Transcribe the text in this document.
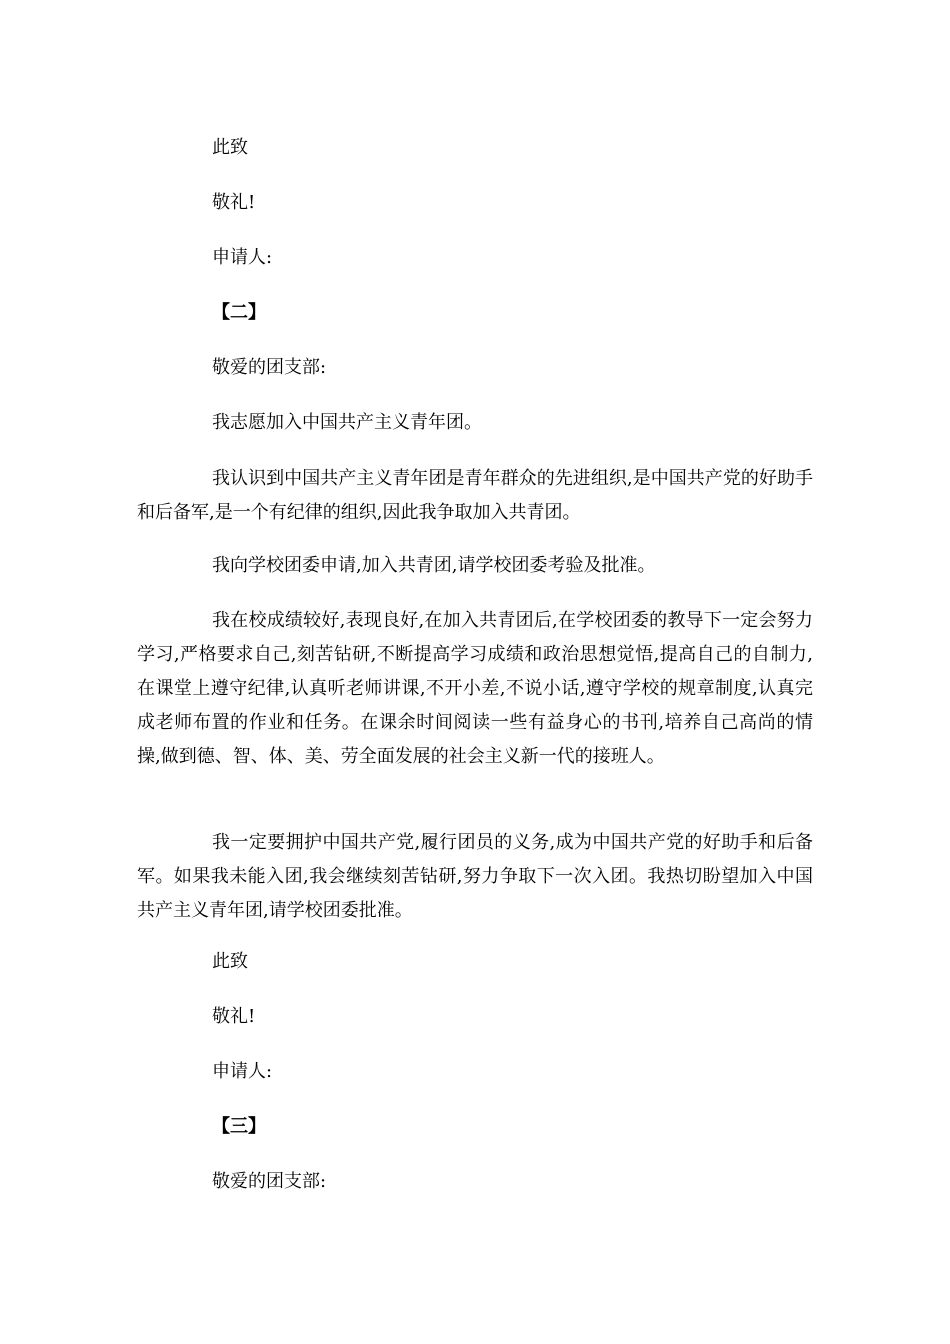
此致
敬礼!
申请人:
【二】
敬爱的团支部:
我志愿加入中国共产主义青年团。
我认识到中国共产主义青年团是青年群众的先进组织,是中国共产党的好助手和后备军,是一个有纪律的组织,因此我争取加入共青团。
我向学校团委申请,加入共青团,请学校团委考验及批准。
我在校成绩较好,表现良好,在加入共青团后,在学校团委的教导下一定会努力学习,严格要求自己,刻苦钻研,不断提高学习成绩和政治思想觉悟,提高自己的自制力,在课堂上遵守纪律,认真听老师讲课,不开小差,不说小话,遵守学校的规章制度,认真完成老师布置的作业和任务。在课余时间阅读一些有益身心的书刊,培养自己高尚的情操,做到德、智、体、美、劳全面发展的社会主义新一代的接班人。
我一定要拥护中国共产党,履行团员的义务,成为中国共产党的好助手和后备军。如果我未能入团,我会继续刻苦钻研,努力争取下一次入团。我热切盼望加入中国共产主义青年团,请学校团委批准。
此致
敬礼!
申请人:
【三】
敬爱的团支部:
